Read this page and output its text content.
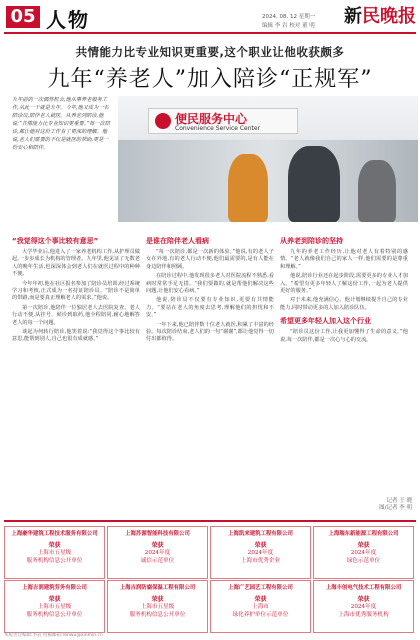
05 人物	2024. 08. 12 星期一
编辑 李 岩 校对 董 明 新民晚报
共情能力比专业知识更重要,这个职业让他收获颇多
九年“养老人”加入陪诊“正规军”
九年前的一次偶然机会,他从事养老服务工作,从此一干就是九年。今年,他又成为一名陪诊员,陪伴老人就医。从养老到陪诊,他说:“共情能力比专业知识更重要。”每一次陪诊,都让他对这份工作有了更深的理解。他说,老人们需要的不仅是就医的帮助,更是一份安心和陪伴。
便民服务中心
Convenience Service Center
“我觉得这个事比较有意思”

大学毕业后,他进入了一家养老机构工作,从护理员做起,一步步成长为机构的管理者。九年里,他见证了无数老人的晚年生活,也深深体会到老人们在就医过程中的种种不便。

今年年初,他在社区报名参加了陪诊员培训,经过系统学习和考核,正式成为一名持证陪诊员。“陪诊不是简单的带路,而是要真正理解老人的需求。”他说。

第一次陪诊,他陪伴一位独居老人去医院复查。老人行动不便,从挂号、候诊到取药,他全程陪同,耐心地解答老人的每一个问题。

谈起为何转行陪诊,他笑着说:“我觉得这个事比较有意思,能帮到别人,自己也很有成就感。”

是谁在陪伴老人看病

“每一次陪诊,都是一次新的体验。”他说,有的老人子女在外地,有的老人行动不便,他们最需要的,是有人能在身边陪伴和照顾。

在陪诊过程中,他发现很多老人对医院流程不熟悉,看病时常常手足无措。“我们要做的,就是帮他们解决这些问题,让他们安心看病。”

他说,陪诊员不仅要有专业知识,更要有共情能力。“要站在老人的角度去思考,理解他们的担忧和不安。”

一年下来,他已陪伴数十位老人就医,积累了丰富的经验。每次陪诊结束,老人们的一句“谢谢”,都让他觉得一切付出都值得。

从养老到陪诊的坚持

九年的养老工作经历,让他对老人有着特别的感情。“老人就像我们自己的家人一样,他们需要的是尊重和理解。”

他说,陪诊行业还在起步阶段,需要更多的专业人才加入。“希望有更多年轻人了解这份工作,一起为老人提供更好的服务。”

对于未来,他充满信心。他计划继续提升自己的专业能力,同时带动更多的人加入陪诊队伍。

希望更多年轻人加入这个行业

“陪诊员这份工作,让我更加懂得了生命的意义。”他说,每一次陪伴,都是一次心与心的交流。

记者 王 晓
图/记者 李 明
上海豪华建筑工程技术服务有限公司
荣获
上海市五星级
服务机构信息公开单位
上海苏源智能科技有限公司
荣获
2024年度
诚信示范单位
上海凯来建筑工程有限公司
荣获
2024年度
上海市优秀企业
上海瑞东新能源工程有限公司
荣获
2024年度
绿色示范单位
上海吉润建筑劳务有限公司
荣获
上海市五星级
服务机构信息公开单位
上海吉润防腐保温工程有限公司
荣获
上海市五星级
服务机构信息公开单位
上海广艺园艺工程有限公司
荣获
上海市
绿化养护单位示范单位
上海丰创电气技术工程有限公司
荣获
2024年度
上海市优秀服务机构
本版责任编辑:李岩 投稿邮箱:renwu@xinmin.cn
